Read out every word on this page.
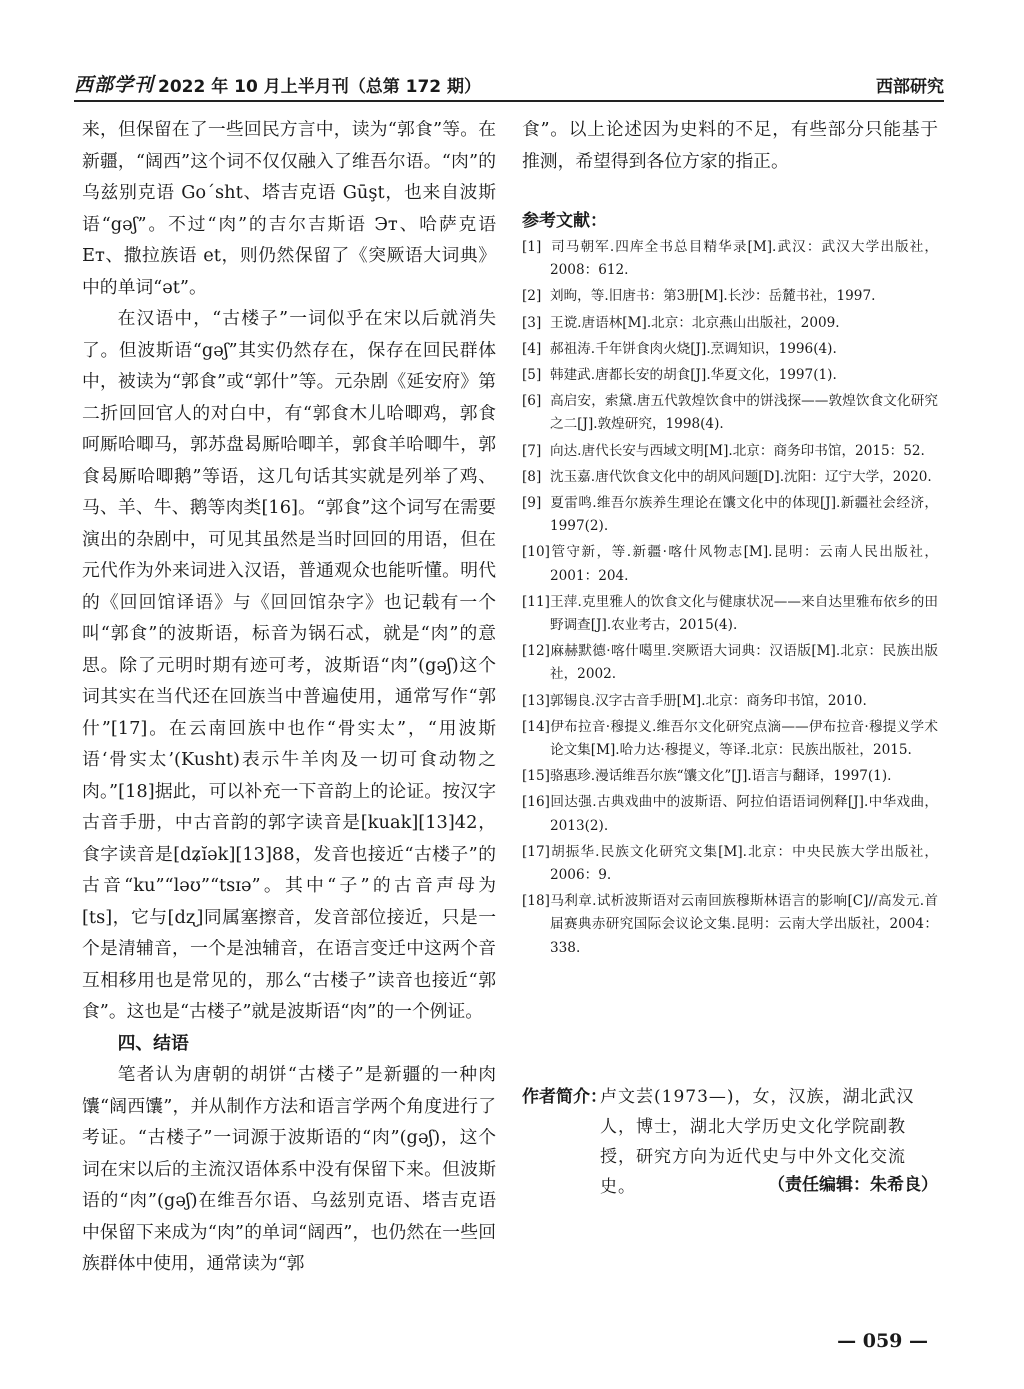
西部学刊 2022 年 10 月上半月刊（总第 172 期）	西部研究

来，但保留在了一些回民方言中，读为“郭食”等。在新疆，“阔西”这个词不仅仅融入了维吾尔语。“肉”的乌兹别克语 Go´sht、塔吉克语 Gūşt，也来自波斯语“gəʃ”。不过“肉”的吉尔吉斯语 Эт、哈萨克语 Eт、撒拉族语 et，则仍然保留了《突厥语大词典》中的单词“ət”。

在汉语中，“古楼子”一词似乎在宋以后就消失了。但波斯语“gəʃ”其实仍然存在，保存在回民群体中，被读为“郭食”或“郭什”等。元杂剧《延安府》第二折回回官人的对白中，有“郭食木儿哈唧鸡，郭食呵厮哈唧马，郭苏盘曷厮哈唧羊，郭食羊哈唧牛，郭食曷厮哈唧鹅”等语，这几句话其实就是列举了鸡、马、羊、牛、鹅等肉类[16]。“郭食”这个词写在需要演出的杂剧中，可见其虽然是当时回回的用语，但在元代作为外来词进入汉语，普通观众也能听懂。明代的《回回馆译语》与《回回馆杂字》也记载有一个叫“郭食”的波斯语，标音为锅石忒，就是“肉”的意思。除了元明时期有迹可考，波斯语“肉”(gəʃ)这个词其实在当代还在回族当中普遍使用，通常写作“郭什”[17]。在云南回族中也作“骨实太”，“用波斯语‘骨实太’(Kusht)表示牛羊肉及一切可食动物之肉。”[18]据此，可以补充一下音韵上的论证。按汉字古音手册，中古音韵的郭字读音是[kuak][13]42，食字读音是[dʑĭək][13]88，发音也接近“古楼子”的古音“ku”“ləʊ”“tsɪə”。其中“子”的古音声母为[ts]，它与[dʐ]同属塞擦音，发音部位接近，只是一个是清辅音，一个是浊辅音，在语言变迁中这两个音互相移用也是常见的，那么“古楼子”读音也接近“郭食”。这也是“古楼子”就是波斯语“肉”的一个例证。

四、结语

笔者认为唐朝的胡饼“古楼子”是新疆的一种肉馕“阔西馕”，并从制作方法和语言学两个角度进行了考证。“古楼子”一词源于波斯语的“肉”(gəʃ)，这个词在宋以后的主流汉语体系中没有保留下来。但波斯语的“肉”(gəʃ)在维吾尔语、乌兹别克语、塔吉克语中保留下来成为“肉”的单词“阔西”，也仍然在一些回族群体中使用，通常读为“郭

食”。以上论述因为史料的不足，有些部分只能基于推测，希望得到各位方家的指正。

参考文献：
[1] 司马朝军.四库全书总目精华录[M].武汉：武汉大学出版社，2008：612.
[2] 刘昫，等.旧唐书：第3册[M].长沙：岳麓书社，1997.
[3] 王谠.唐语林[M].北京：北京燕山出版社，2009.
[4] 郝祖涛.千年饼食肉火烧[J].烹调知识，1996(4).
[5] 韩建武.唐都长安的胡食[J].华夏文化，1997(1).
[6] 高启安，索黛.唐五代敦煌饮食中的饼浅探——敦煌饮食文化研究之二[J].敦煌研究，1998(4).
[7] 向达.唐代长安与西域文明[M].北京：商务印书馆，2015：52.
[8] 沈玉嘉.唐代饮食文化中的胡风问题[D].沈阳：辽宁大学，2020.
[9] 夏雷鸣.维吾尔族养生理论在馕文化中的体现[J].新疆社会经济，1997(2).
[10]管守新，等.新疆·喀什风物志[M].昆明：云南人民出版社，2001：204.
[11]王萍.克里雅人的饮食文化与健康状况——来自达里雅布依乡的田野调查[J].农业考古，2015(4).
[12]麻赫默德·喀什噶里.突厥语大词典：汉语版[M].北京：民族出版社，2002.
[13]郭锡良.汉字古音手册[M].北京：商务印书馆，2010.
[14]伊布拉音·穆提义.维吾尔文化研究点滴——伊布拉音·穆提义学术论文集[M].哈力达·穆提义，等译.北京：民族出版社，2015.
[15]骆惠珍.漫话维吾尔族“馕文化”[J].语言与翻译，1997(1).
[16]回达强.古典戏曲中的波斯语、阿拉伯语语词例释[J].中华戏曲，2013(2).
[17]胡振华.民族文化研究文集[M].北京：中央民族大学出版社，2006：9.
[18]马利章.试析波斯语对云南回族穆斯林语言的影响[C]//高发元.首届赛典赤研究国际会议论文集.昆明：云南大学出版社，2004：338.
作者简介：
卢文芸(1973—)，女，汉族，湖北武汉人，博士，湖北大学历史文化学院副教授，研究方向为近代史与中外文化交流史。	（责任编辑：朱希良）
— 059 —
